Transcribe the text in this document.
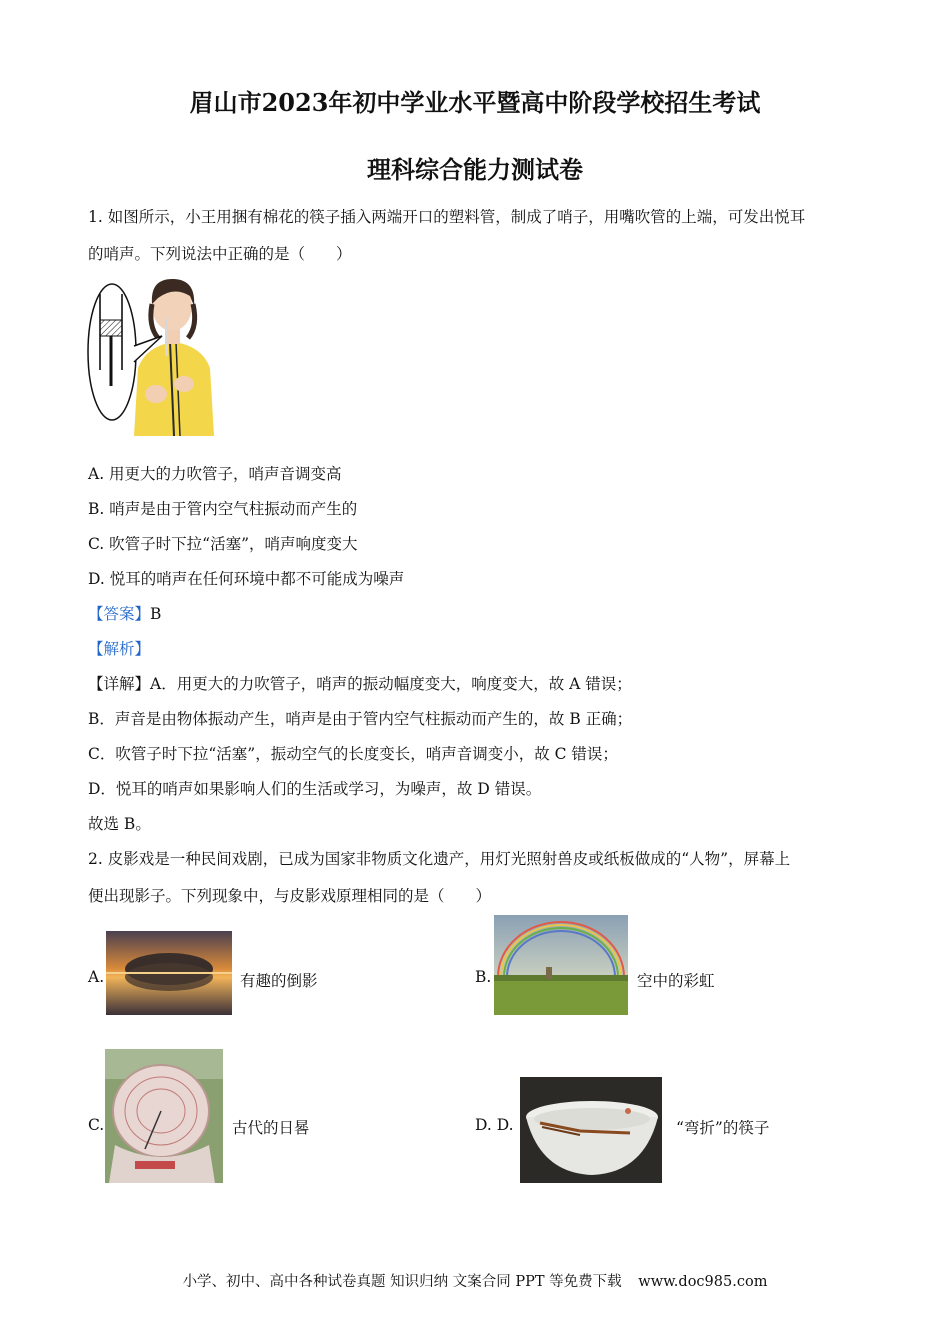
眉山市2023年初中学业水平暨高中阶段学校招生考试
理科综合能力测试卷
1. 如图所示，小王用捆有棉花的筷子插入两端开口的塑料管，制成了哨子，用嘴吹管的上端，可发出悦耳
的哨声。下列说法中正确的是（　　）
A. 用更大的力吹管子，哨声音调变高
B. 哨声是由于管内空气柱振动而产生的
C. 吹管子时下拉“活塞”，哨声响度变大
D. 悦耳的哨声在任何环境中都不可能成为噪声
【答案】B
【解析】
【详解】A．用更大的力吹管子，哨声的振动幅度变大，响度变大，故 A 错误；
B．声音是由物体振动产生，哨声是由于管内空气柱振动而产生的，故 B 正确；
C．吹管子时下拉“活塞”，振动空气的长度变长，哨声音调变小，故 C 错误；
D．悦耳的哨声如果影响人们的生活或学习，为噪声，故 D 错误。
故选 B。
2. 皮影戏是一种民间戏剧，已成为国家非物质文化遗产，用灯光照射兽皮或纸板做成的“人物”，屏幕上
便出现影子。下列现象中，与皮影戏原理相同的是（　　）
A.	有趣的倒影	B.	空中的彩虹
C.	古代的日晷	D. D.	“弯折”的筷子
小学、初中、高中各种试卷真题 知识归纳 文案合同 PPT 等免费下载 www.doc985.com
